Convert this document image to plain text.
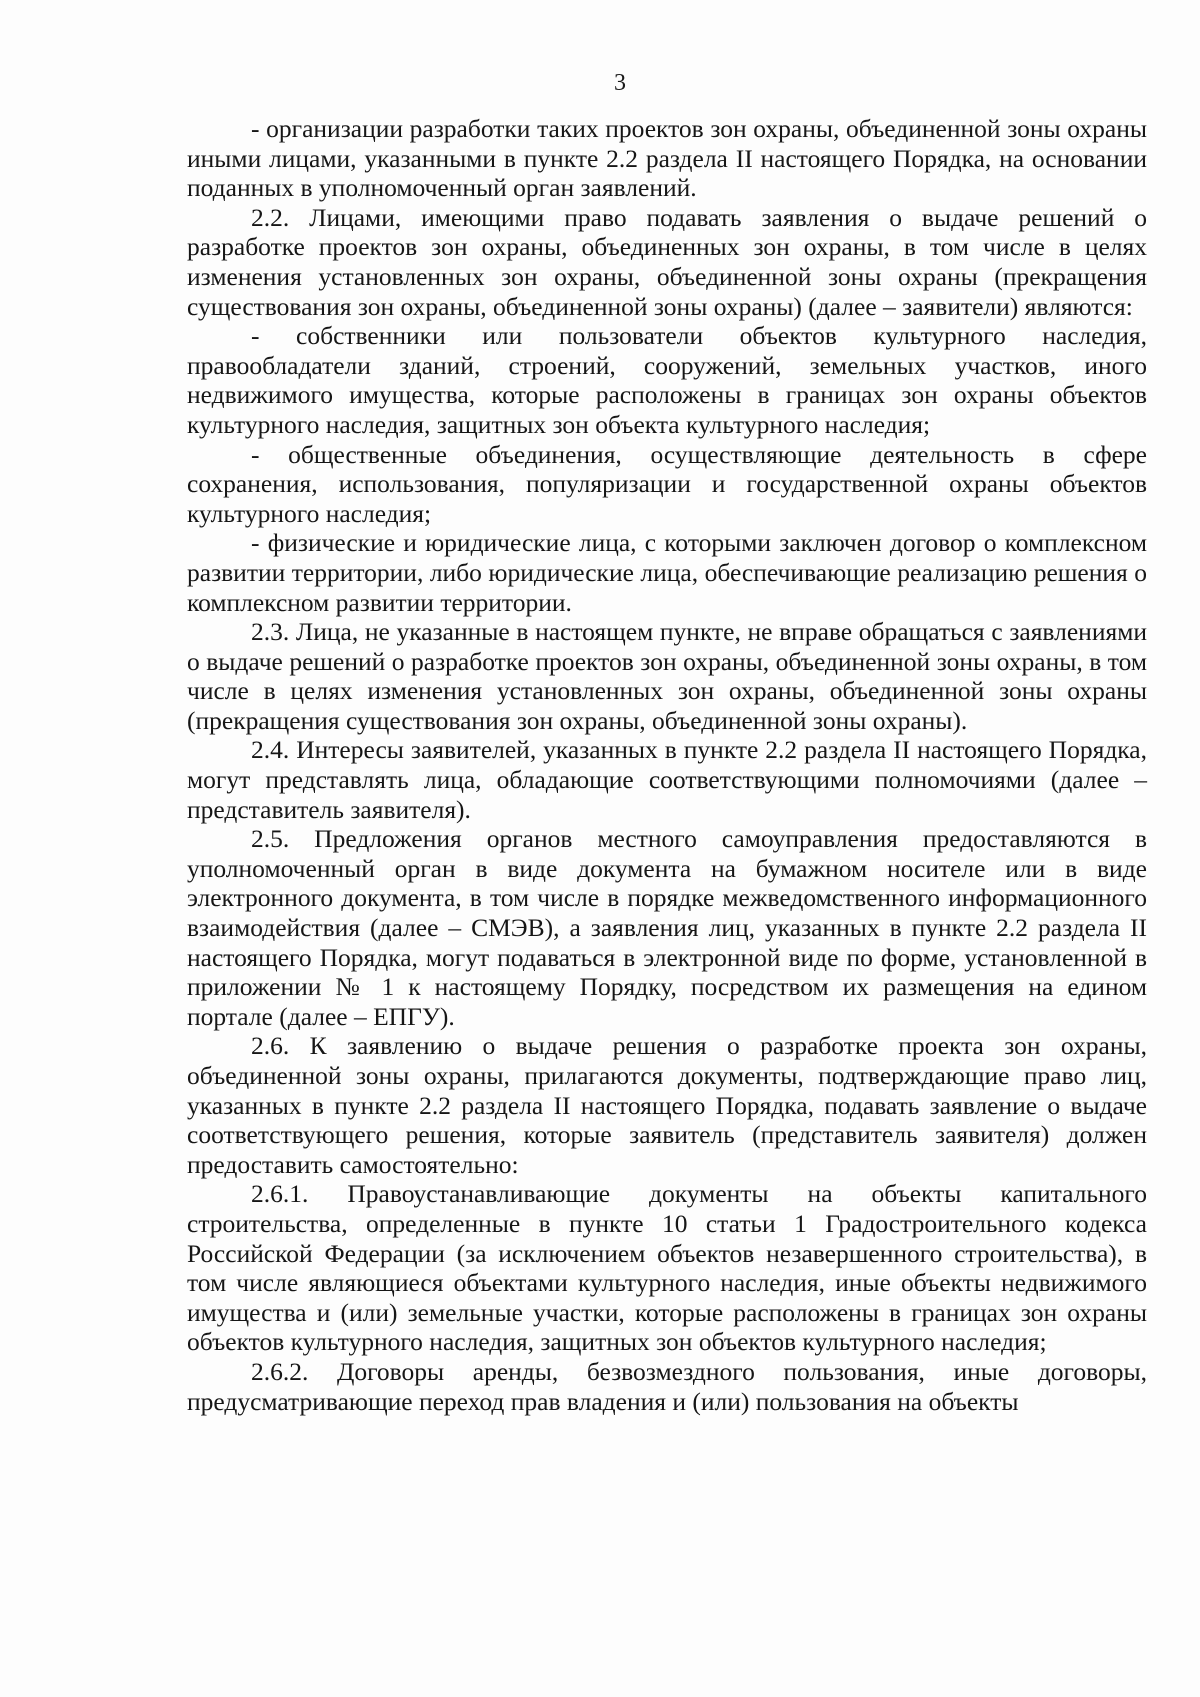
3

- организации разработки таких проектов зон охраны, объединенной зоны охраны иными лицами, указанными в пункте 2.2 раздела II настоящего Порядка, на основании поданных в уполномоченный орган заявлений.

2.2. Лицами, имеющими право подавать заявления о выдаче решений о разработке проектов зон охраны, объединенных зон охраны, в том числе в целях изменения установленных зон охраны, объединенной зоны охраны (прекращения существования зон охраны, объединенной зоны охраны) (далее – заявители) являются:

- собственники или пользователи объектов культурного наследия, правообладатели зданий, строений, сооружений, земельных участков, иного недвижимого имущества, которые расположены в границах зон охраны объектов культурного наследия, защитных зон объекта культурного наследия;

- общественные объединения, осуществляющие деятельность в сфере сохранения, использования, популяризации и государственной охраны объектов культурного наследия;

- физические и юридические лица, с которыми заключен договор о комплексном развитии территории, либо юридические лица, обеспечивающие реализацию решения о комплексном развитии территории.

2.3. Лица, не указанные в настоящем пункте, не вправе обращаться с заявлениями о выдаче решений о разработке проектов зон охраны, объединенной зоны охраны, в том числе в целях изменения установленных зон охраны, объединенной зоны охраны (прекращения существования зон охраны, объединенной зоны охраны).

2.4. Интересы заявителей, указанных в пункте 2.2 раздела II настоящего Порядка, могут представлять лица, обладающие соответствующими полномочиями (далее – представитель заявителя).

2.5. Предложения органов местного самоуправления предоставляются в уполномоченный орган в виде документа на бумажном носителе или в виде электронного документа, в том числе в порядке межведомственного информационного взаимодействия (далее – СМЭВ), а заявления лиц, указанных в пункте 2.2 раздела II настоящего Порядка, могут подаваться в электронной виде по форме, установленной в приложении № 1 к настоящему Порядку, посредством их размещения на едином портале (далее – ЕПГУ).

2.6. К заявлению о выдаче решения о разработке проекта зон охраны, объединенной зоны охраны, прилагаются документы, подтверждающие право лиц, указанных в пункте 2.2 раздела II настоящего Порядка, подавать заявление о выдаче соответствующего решения, которые заявитель (представитель заявителя) должен предоставить самостоятельно:

2.6.1. Правоустанавливающие документы на объекты капитального строительства, определенные в пункте 10 статьи 1 Градостроительного кодекса Российской Федерации (за исключением объектов незавершенного строительства), в том числе являющиеся объектами культурного наследия, иные объекты недвижимого имущества и (или) земельные участки, которые расположены в границах зон охраны объектов культурного наследия, защитных зон объектов культурного наследия;

2.6.2. Договоры аренды, безвозмездного пользования, иные договоры, предусматривающие переход прав владения и (или) пользования на объекты
